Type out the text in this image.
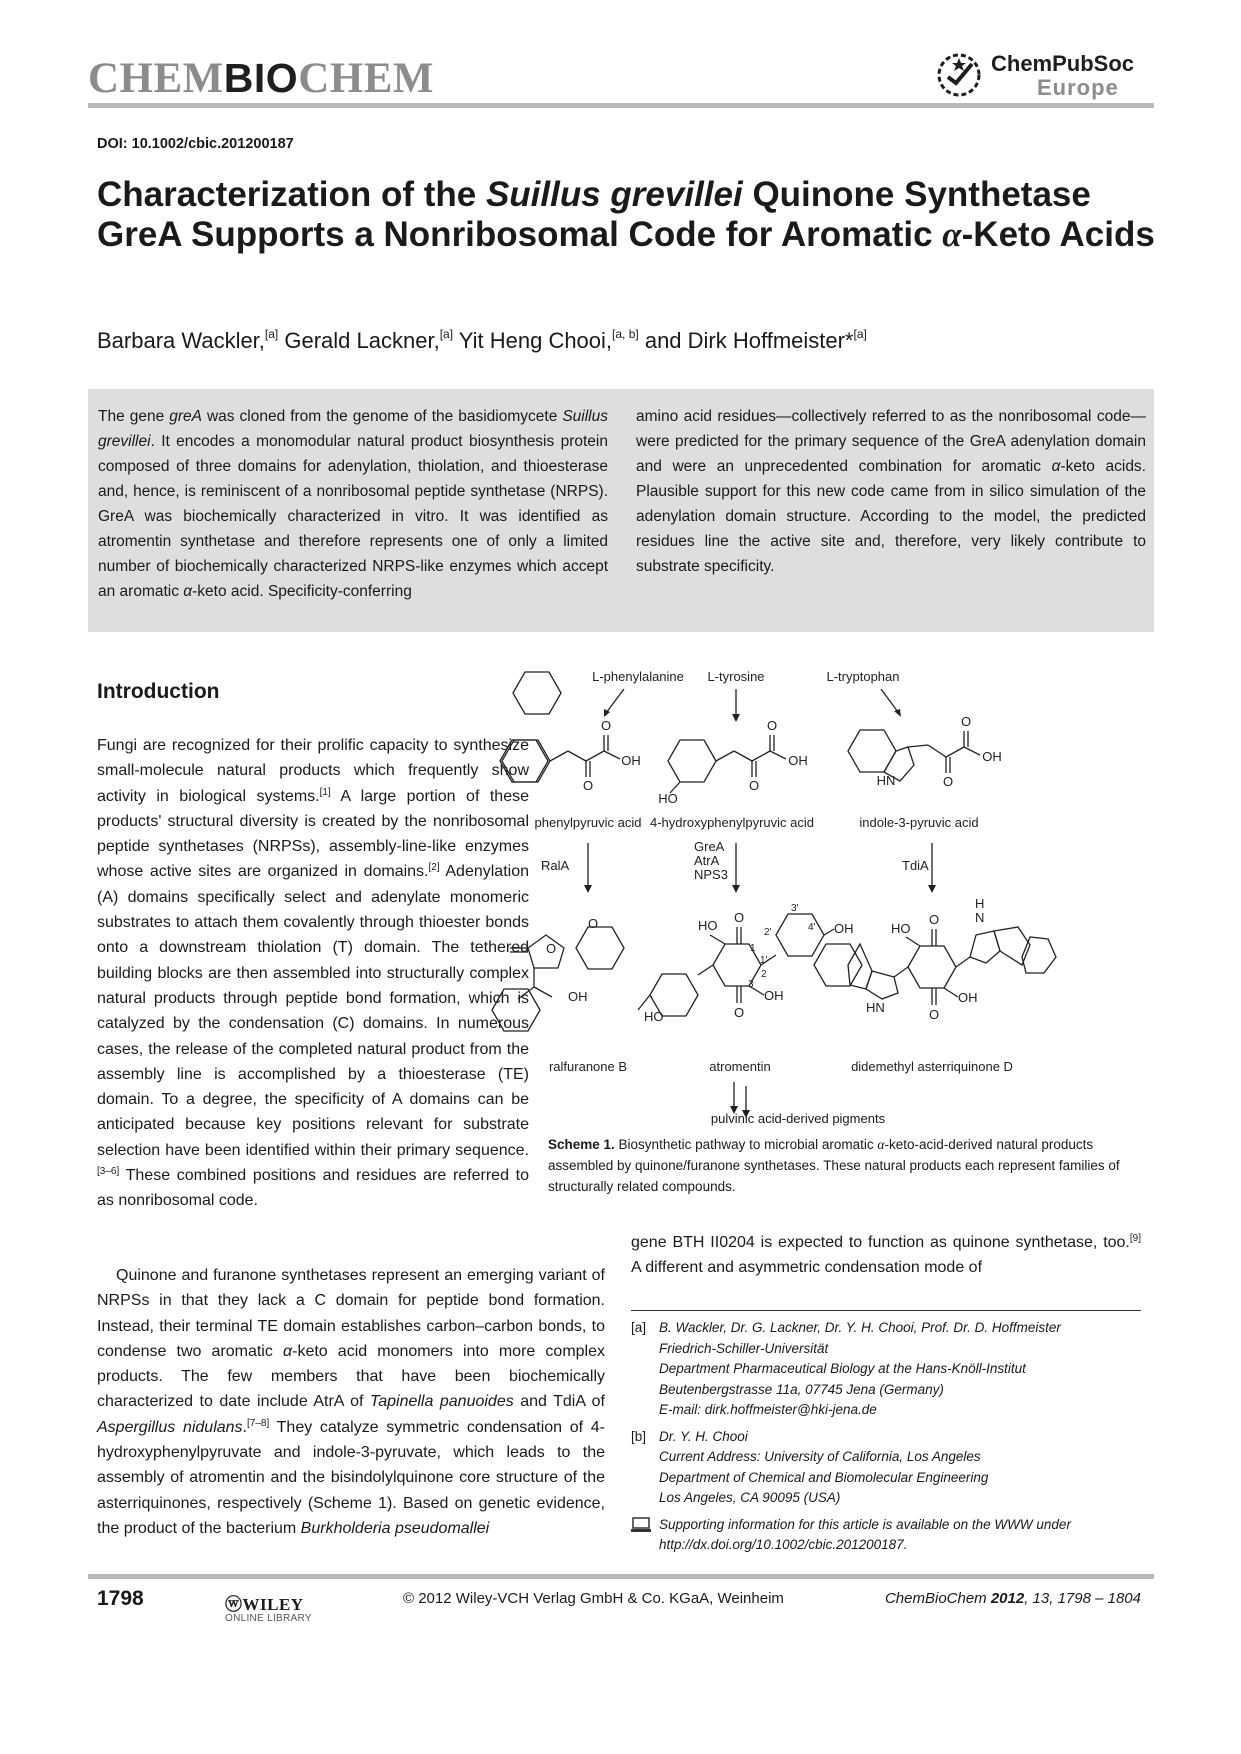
CHEMBIOCHEM	ChemPubSoc
Europe
DOI: 10.1002/cbic.201200187
Characterization of the Suillus grevillei Quinone Synthetase GreA Supports a Nonribosomal Code for Aromatic α-Keto Acids
Barbara Wackler,[a] Gerald Lackner,[a] Yit Heng Chooi,[a, b] and Dirk Hoffmeister*[a]
The gene greA was cloned from the genome of the basidiomycete Suillus grevillei. It encodes a monomodular natural product biosynthesis protein composed of three domains for adenylation, thiolation, and thioesterase and, hence, is reminiscent of a nonribosomal peptide synthetase (NRPS). GreA was biochemically characterized in vitro. It was identified as atromentin synthetase and therefore represents one of only a limited number of biochemically characterized NRPS-like enzymes which accept an aromatic α-keto acid. Specificity-conferring
amino acid residues—collectively referred to as the nonribosomal code—were predicted for the primary sequence of the GreA adenylation domain and were an unprecedented combination for aromatic α-keto acids. Plausible support for this new code came from in silico simulation of the adenylation domain structure. According to the model, the predicted residues line the active site and, therefore, very likely contribute to substrate specificity.
Introduction

Fungi are recognized for their prolific capacity to synthesize small-molecule natural products which frequently show activity in biological systems.[1] A large portion of these products' structural diversity is created by the nonribosomal peptide synthetases (NRPSs), assembly-line-like enzymes whose active sites are organized in domains.[2] Adenylation (A) domains specifically select and adenylate monomeric substrates to attach them covalently through thioester bonds onto a downstream thiolation (T) domain. The tethered building blocks are then assembled into structurally complex natural products through peptide bond formation, which is catalyzed by the condensation (C) domains. In numerous cases, the release of the completed natural product from the assembly line is accomplished by a thioesterase (TE) domain. To a degree, the specificity of A domains can be anticipated because key positions relevant for substrate selection have been identified within their primary sequence.[3–6] These combined positions and residues are referred to as nonribosomal code.

Quinone and furanone synthetases represent an emerging variant of NRPSs in that they lack a C domain for peptide bond formation. Instead, their terminal TE domain establishes carbon–carbon bonds, to condense two aromatic α-keto acid monomers into more complex products. The few members that have been biochemically characterized to date include AtrA of Tapinella panuoides and TdiA of Aspergillus nidulans.[7–8] They catalyze symmetric condensation of 4-hydroxyphenylpyruvate and indole-3-pyruvate, which leads to the assembly of atromentin and the bisindolylquinone core structure of the asterriquinones, respectively (Scheme 1). Based on genetic evidence, the product of the bacterium Burkholderia pseudomallei

gene BTH II0204 is expected to function as quinone synthetase, too.[9] A different and asymmetric condensation mode of

L-phenylalanine L-tyrosine	L-tryptophan
O
O
OH
HO
O
O
OH
HN	O
O
OH
phenylpyruvic acid 4-hydroxyphenylpyruvic acid	indole-3-pyruvic acid
RalA
GreA
AtrA
NPS3
TdiA
O
O
OH
HO
O
O
OH
OH
HO
1
2
3
1'
2'
3'
4'	HO
O
O
OH
HN
H
N
ralfuranone B	atromentin	didemethyl asterriquinone D
pulvinic acid-derived pigments
Scheme 1. Biosynthetic pathway to microbial aromatic α-keto-acid-derived natural products assembled by quinone/furanone synthetases. These natural products each represent families of structurally related compounds.
[a] B. Wackler, Dr. G. Lackner, Dr. Y. H. Chooi, Prof. Dr. D. Hoffmeister
Friedrich-Schiller-Universität
Department Pharmaceutical Biology at the Hans-Knöll-Institut
Beutenbergstrasse 11a, 07745 Jena (Germany)
E-mail: dirk.hoffmeister@hki-jena.de
[b] Dr. Y. H. Chooi
Current Address: University of California, Los Angeles
Department of Chemical and Biomolecular Engineering
Los Angeles, CA 90095 (USA)
Supporting information for this article is available on the WWW under
http://dx.doi.org/10.1002/cbic.201200187.
1798	ⓦWILEY
ONLINE LIBRARY
© 2012 Wiley-VCH Verlag GmbH & Co. KGaA, Weinheim	ChemBioChem 2012, 13, 1798 – 1804
